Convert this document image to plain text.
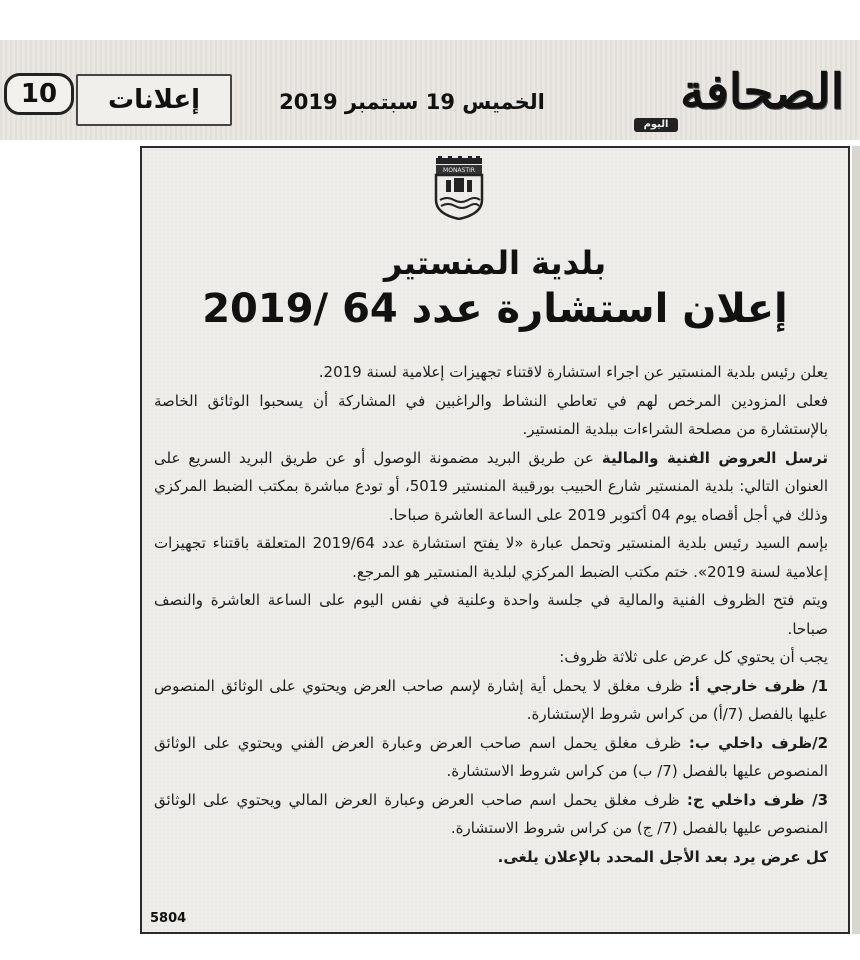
10	إعلانات	الخميس 19 سبتمبر 2019	الصحافة
اليوم
MONASTIR
بلدية المنستير
إعلان استشارة عدد 64 /2019

يعلن رئيس بلدية المنستير عن اجراء استشارة لاقتناء تجهيزات إعلامية لسنة 2019.

فعلى المزودين المرخص لهم في تعاطي النشاط والراغبين في المشاركة أن يسحبوا الوثائق الخاصة بالإستشارة من مصلحة الشراءات ببلدية المنستير.

ترسل العروض الفنية والمالية عن طريق البريد مضمونة الوصول أو عن طريق البريد السريع على العنوان التالي: بلدية المنستير شارع الحبيب بورقيبة المنستير 5019، أو تودع مباشرة بمكتب الضبط المركزي وذلك في أجل أقصاه يوم 04 أكتوبر 2019 على الساعة العاشرة صباحا.

بإسم السيد رئيس بلدية المنستير وتحمل عبارة «لا يفتح استشارة عدد 2019/64 المتعلقة باقتناء تجهيزات إعلامية لسنة 2019». ختم مكتب الضبط المركزي لبلدية المنستير هو المرجع.

ويتم فتح الظروف الفنية والمالية في جلسة واحدة وعلنية في نفس اليوم على الساعة العاشرة والنصف صباحا.

يجب أن يحتوي كل عرض على ثلاثة ظروف:

1/ ظرف خارجي أ: ظرف مغلق لا يحمل أية إشارة لإسم صاحب العرض ويحتوي على الوثائق المنصوص عليها بالفصل (7/أ) من كراس شروط الإستشارة.

2/ظرف داخلي ب: ظرف مغلق يحمل اسم صاحب العرض وعبارة العرض الفني ويحتوي على الوثائق المنصوص عليها بالفصل (7/ ب) من كراس شروط الاستشارة.

3/ ظرف داخلي ج: ظرف مغلق يحمل اسم صاحب العرض وعبارة العرض المالي ويحتوي على الوثائق المنصوص عليها بالفصل (7/ ج) من كراس شروط الاستشارة.

كل عرض يرد بعد الأجل المحدد بالإعلان يلغى.

5804
